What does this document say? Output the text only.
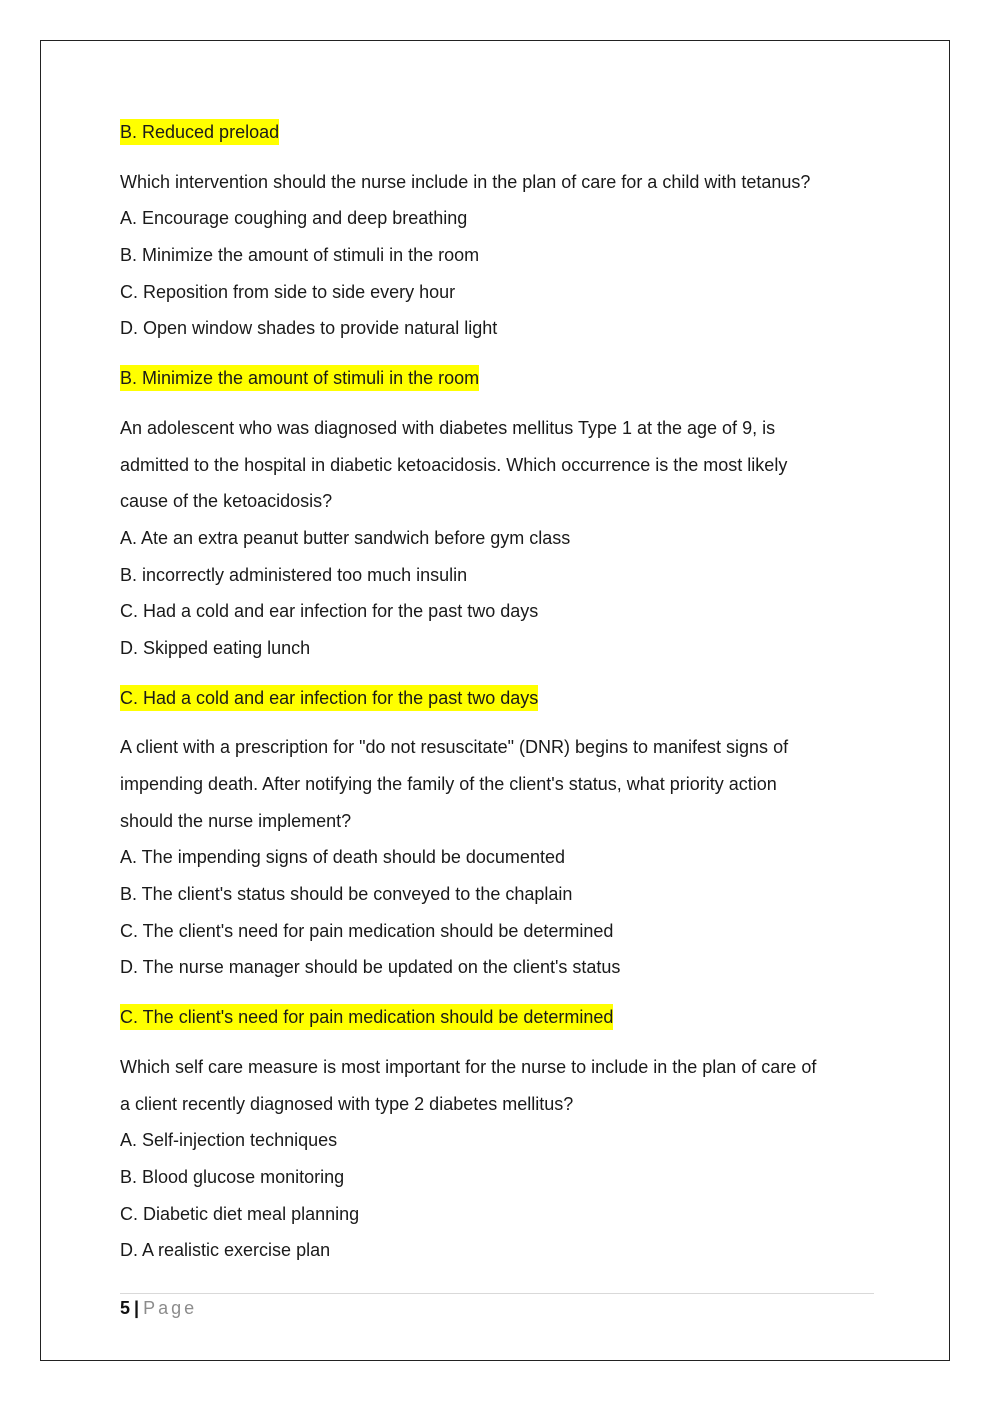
B. Reduced preload
Which intervention should the nurse include in the plan of care for a child with tetanus?
A. Encourage coughing and deep breathing
B. Minimize the amount of stimuli in the room
C. Reposition from side to side every hour
D. Open window shades to provide natural light
B. Minimize the amount of stimuli in the room
An adolescent who was diagnosed with diabetes mellitus Type 1 at the age of 9, is
admitted to the hospital in diabetic ketoacidosis. Which occurrence is the most likely
cause of the ketoacidosis?
A. Ate an extra peanut butter sandwich before gym class
B. incorrectly administered too much insulin
C. Had a cold and ear infection for the past two days
D. Skipped eating lunch
C. Had a cold and ear infection for the past two days
A client with a prescription for "do not resuscitate" (DNR) begins to manifest signs of
impending death. After notifying the family of the client's status, what priority action
should the nurse implement?
A. The impending signs of death should be documented
B. The client's status should be conveyed to the chaplain
C. The client's need for pain medication should be determined
D. The nurse manager should be updated on the client's status
C. The client's need for pain medication should be determined
Which self care measure is most important for the nurse to include in the plan of care of
a client recently diagnosed with type 2 diabetes mellitus?
A. Self-injection techniques
B. Blood glucose monitoring
C. Diabetic diet meal planning
D. A realistic exercise plan
5 | Page
